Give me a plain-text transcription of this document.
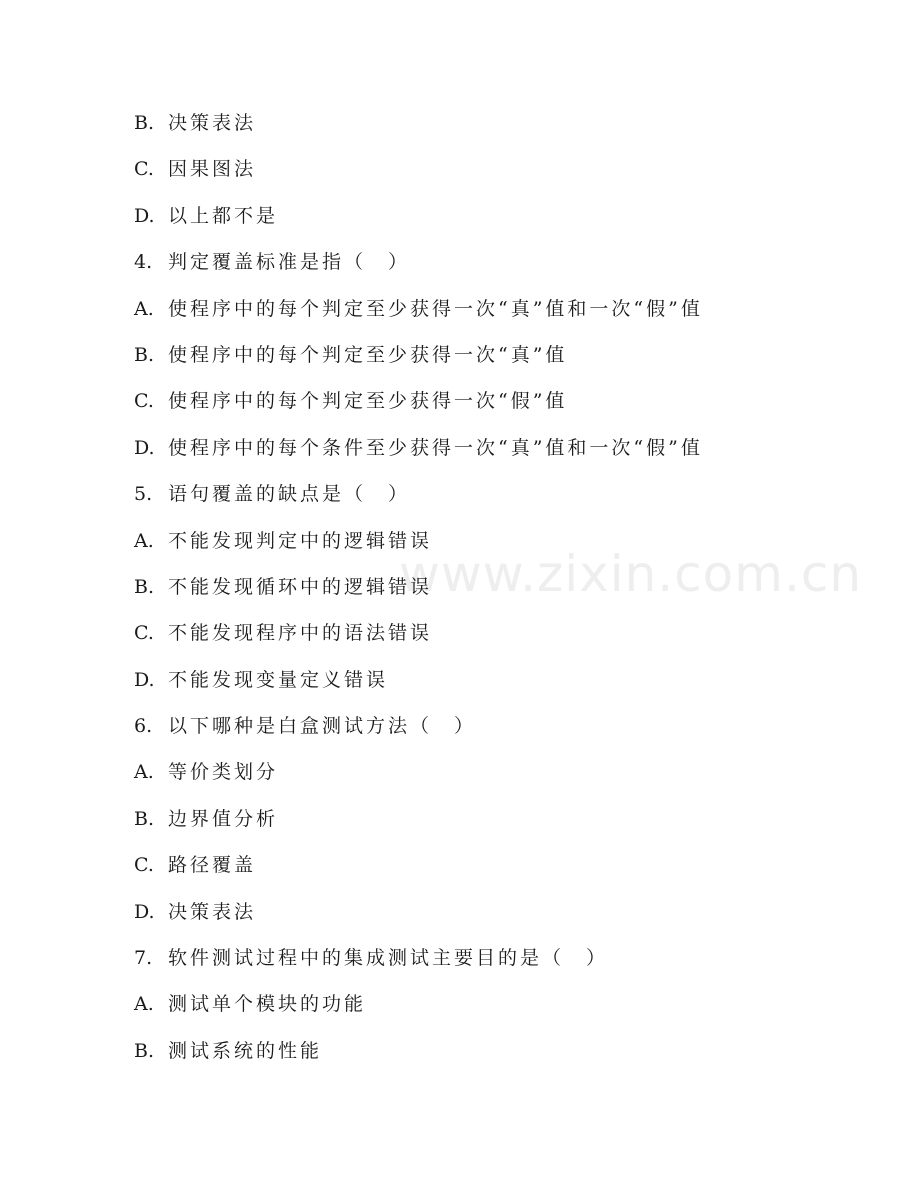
www.zixin.com.cn
B. 决策表法
C. 因果图法
D. 以上都不是
4. 判定覆盖标准是指（　）
A. 使程序中的每个判定至少获得一次“真”值和一次“假”值
B. 使程序中的每个判定至少获得一次“真”值
C. 使程序中的每个判定至少获得一次“假”值
D. 使程序中的每个条件至少获得一次“真”值和一次“假”值
5. 语句覆盖的缺点是（　）
A. 不能发现判定中的逻辑错误
B. 不能发现循环中的逻辑错误
C. 不能发现程序中的语法错误
D. 不能发现变量定义错误
6. 以下哪种是白盒测试方法（　）
A. 等价类划分
B. 边界值分析
C. 路径覆盖
D. 决策表法
7. 软件测试过程中的集成测试主要目的是（　）
A. 测试单个模块的功能
B. 测试系统的性能
